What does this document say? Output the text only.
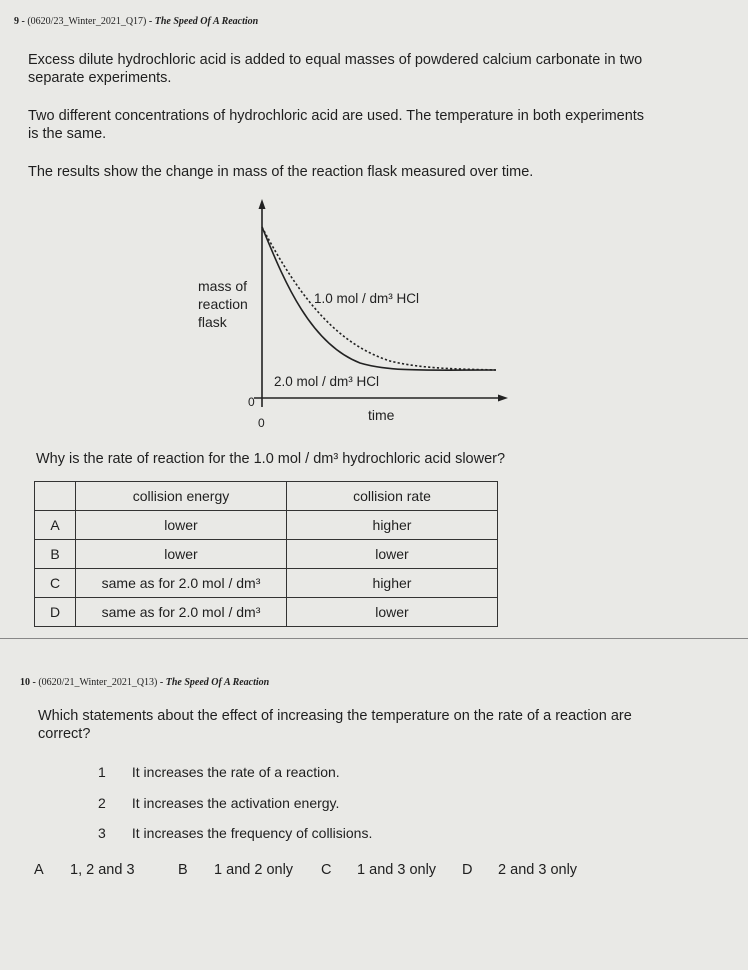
9 - (0620/23_Winter_2021_Q17) - The Speed Of A Reaction
Excess dilute hydrochloric acid is added to equal masses of powdered calcium carbonate in two
separate experiments.
Two different concentrations of hydrochloric acid are used. The temperature in both experiments
is the same.
The results show the change in mass of the reaction flask measured over time.
mass of
reaction
flask
0
0	time
1.0 mol / dm³ HCl
2.0 mol / dm³ HCl
Why is the rate of reaction for the 1.0 mol / dm³ hydrochloric acid slower?
	collision energy	collision rate
A	lower	higher
B	lower	lower
C	same as for 2.0 mol / dm³	higher
D	same as for 2.0 mol / dm³	lower
10 - (0620/21_Winter_2021_Q13) - The Speed Of A Reaction
Which statements about the effect of increasing the temperature on the rate of a reaction are
correct?
1 It increases the rate of a reaction.
2 It increases the activation energy.
3 It increases the frequency of collisions.
A 1, 2 and 3	B 1 and 2 only C 1 and 3 only D 2 and 3 only
